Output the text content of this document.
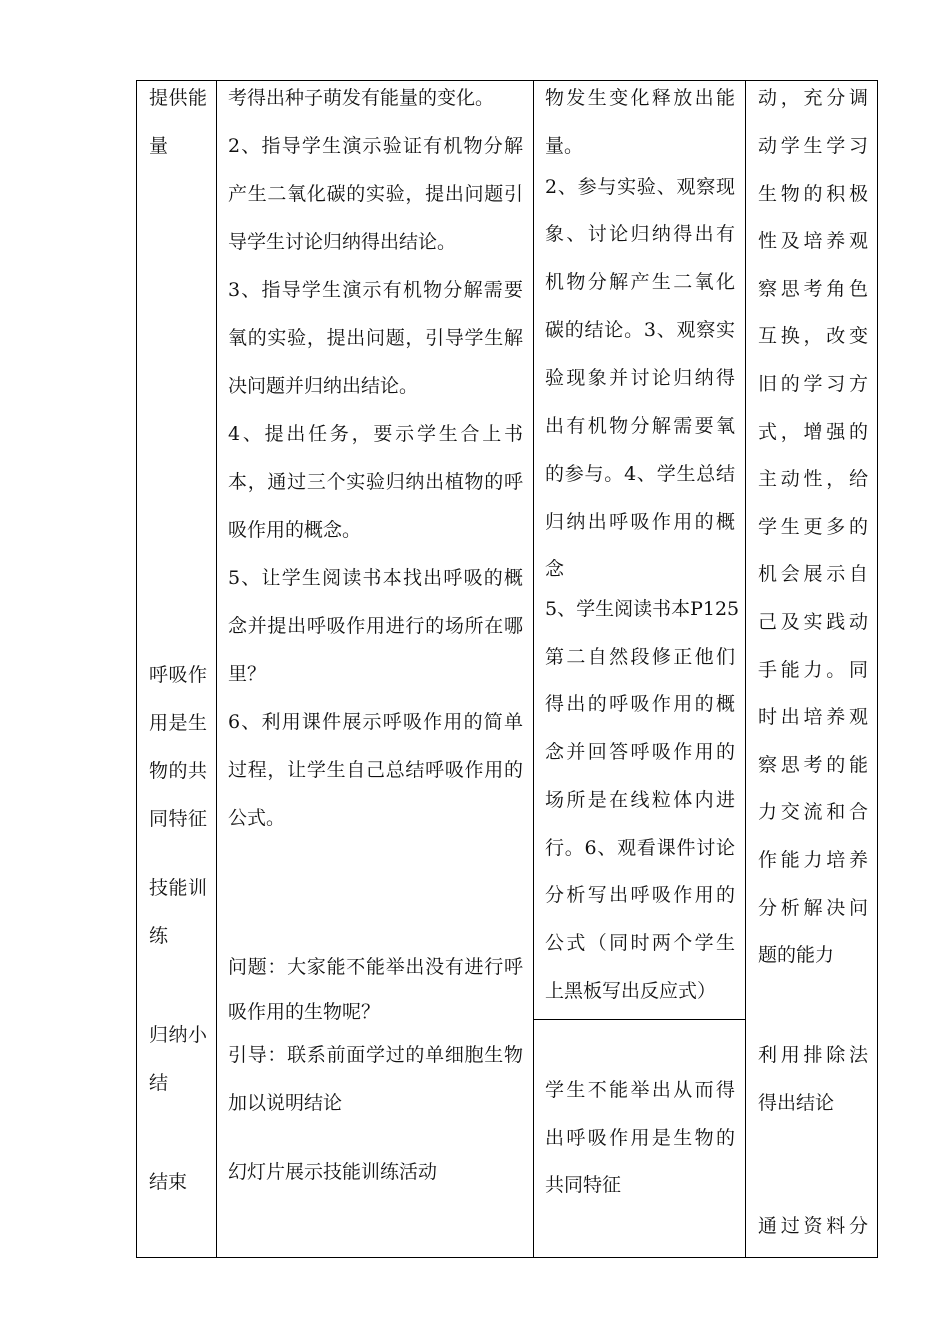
提供能

量

呼吸作

用是生

物的共

同特征

技能训

练

归纳小

结

结束

考得出种子萌发有能量的变化。

2、指导学生演示验证有机物分解

产生二氧化碳的实验，提出问题引

导学生讨论归纳得出结论。

3、指导学生演示有机物分解需要

氧的实验，提出问题，引导学生解

决问题并归纳出结论。

4、提出任务，要示学生合上书

本，通过三个实验归纳出植物的呼

吸作用的概念。

5、让学生阅读书本找出呼吸的概

念并提出呼吸作用进行的场所在哪

里？

6、利用课件展示呼吸作用的简单

过程，让学生自己总结呼吸作用的

公式。

问题：大家能不能举出没有进行呼

吸作用的生物呢？

引导：联系前面学过的单细胞生物

加以说明结论

幻灯片展示技能训练活动

物发生变化释放出能

量。

2、参与实验、观察现

象、讨论归纳得出有

机物分解产生二氧化

碳的结论。3、观察实

验现象并讨论归纳得

出有机物分解需要氧

的参与。4、学生总结

归纳出呼吸作用的概

念

5、学生阅读书本P125

第二自然段修正他们

得出的呼吸作用的概

念并回答呼吸作用的

场所是在线粒体内进

行。6、观看课件讨论

分析写出呼吸作用的

公式（同时两个学生

上黑板写出反应式）

学生不能举出从而得

出呼吸作用是生物的

共同特征

动，充分调

动学生学习

生物的积极

性及培养观

察思考角色

互换，改变

旧的学习方

式，增强的

主动性，给

学生更多的

机会展示自

己及实践动

手能力。同

时出培养观

察思考的能

力交流和合

作能力培养

分析解决问

题的能力

利用排除法

得出结论

通过资料分
